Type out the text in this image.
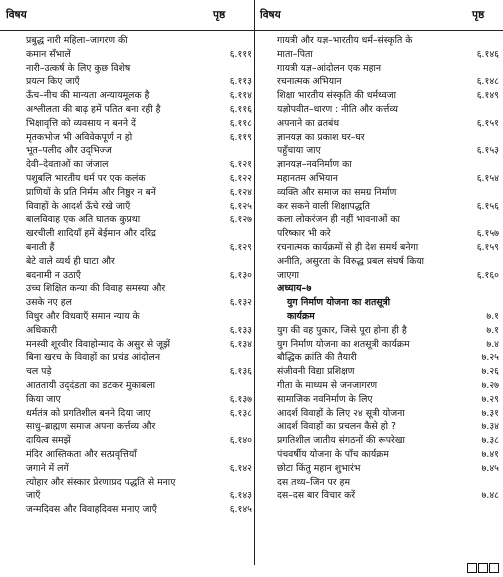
विषय	पृष्ठ	विषय	पृष्ठ
प्रबुद्ध नारी महिला–जागरण की
कमान सँभालें	६.१११
नारी–उत्कर्ष के लिए कुछ विशेष
प्रयत्न किए जाएँ	६.११३
ऊँच–नीच की मान्यता अन्यायमूलक है	६.११४
अश्लीलता की बाढ़ हमें पतित बना रही है	६.११६
भिक्षावृत्ति को व्यवसाय न बनने दें	६.११८
मृतकभोज भी अविवेकपूर्ण न हो	६.११९
भूत–पलीद और उद्‌भिज्ज
देवी–देवताओं का जंजाल	६.१२१
पशुबलि भारतीय धर्म पर एक कलंक	६.१२२
प्राणियों के प्रति निर्मम और निष्ठुर न बनें	६.१२४
विवाहों के आदर्श ऊँचे रखे जाएँ	६.१२५
बालविवाह एक अति घातक कुप्रथा	६.१२७
खरचीली शादियाँ हमें बेईमान और दरिद्र
बनाती हैं	६.१२९
बेटे वाले व्यर्थ ही घाटा और
बदनामी न उठाएँ	६.१३०
उच्च शिक्षित कन्या की विवाह समस्या और
उसके नए हल	६.१३२
विधुर और विधवाएँ समान न्याय के
अधिकारी	६.१३३
मनस्वी शूरवीर विवाहोन्माद के असुर से जूझें	६.१३४
बिना खरच के विवाहों का प्रचंड आंदोलन
चल पड़े	६.१३६
आततायी उद्‌दंडता का डटकर मुकाबला
किया जाए	६.१३७
धर्मतंत्र को प्रगतिशील बनने दिया जाए	६.१३८
साधु–ब्राह्मण समाज अपना कर्त्तव्य और
दायित्व समझें	६.१४०
मंदिर आस्तिकता और सत्प्रवृत्तियाँ
जगाने में लगें	६.१४२
त्योहार और संस्कार प्रेरणाप्रद पद्धति से मनाए
जाएँ	६.१४३
जन्मदिवस और विवाहदिवस मनाए जाएँ	६.१४५
गायत्री और यज्ञ–भारतीय धर्म–संस्कृति के
माता–पिता	६.१४६
गायत्री यज्ञ–आंदोलन एक महान
रचनात्मक अभियान	६.१४८
शिक्षा भारतीय संस्कृति की धर्मध्वजा	६.१४९
यज्ञोपवीत–धारण : नीति और कर्त्तव्य
अपनाने का व्रतबंध	६.१५१
ज्ञानयज्ञ का प्रकाश घर–घर
पहुँचाया जाए	६.१५३
ज्ञानयज्ञ–नवनिर्माण का
महानतम अभियान	६.१५४
व्यक्ति और समाज का समग्र निर्माण
कर सकने वाली शिक्षापद्धति	६.१५६
कला लोकरंजन ही नहीं भावनाओं का
परिष्कार भी करे	६.१५७
रचनात्मक कार्यक्रमों से ही देश समर्थ बनेगा	६.१५९
अनीति, असुरता के विरुद्ध प्रबल संघर्ष किया
जाएगा	६.१६०
अध्याय–७
युग निर्माण योजना का शतसूत्री
कार्यक्रम	७.१
युग की वह पुकार, जिसे पूरा होना ही है	७.१
युग निर्माण योजना का शतसूत्री कार्यक्रम	७.४
बौद्धिक क्रांति की तैयारी	७.२५
संजीवनी विद्या प्रशिक्षण	७.२६
गीता के माध्यम से जनजागरण	७.२७
सामाजिक नवनिर्माण के लिए	७.२९
आदर्श विवाहों के लिए २४ सूत्री योजना	७.३१
आदर्श विवाहों का प्रचलन कैसे हो ?	७.३४
प्रगतिशील जातीय संगठनों की रूपरेखा	७.३८
पंचवर्षीय योजना के पाँच कार्यक्रम	७.४१
छोटा किंतु महान शुभारंभ	७.४५
दस तथ्य–जिन पर हम
दस–दस बार विचार करें	७.४८
